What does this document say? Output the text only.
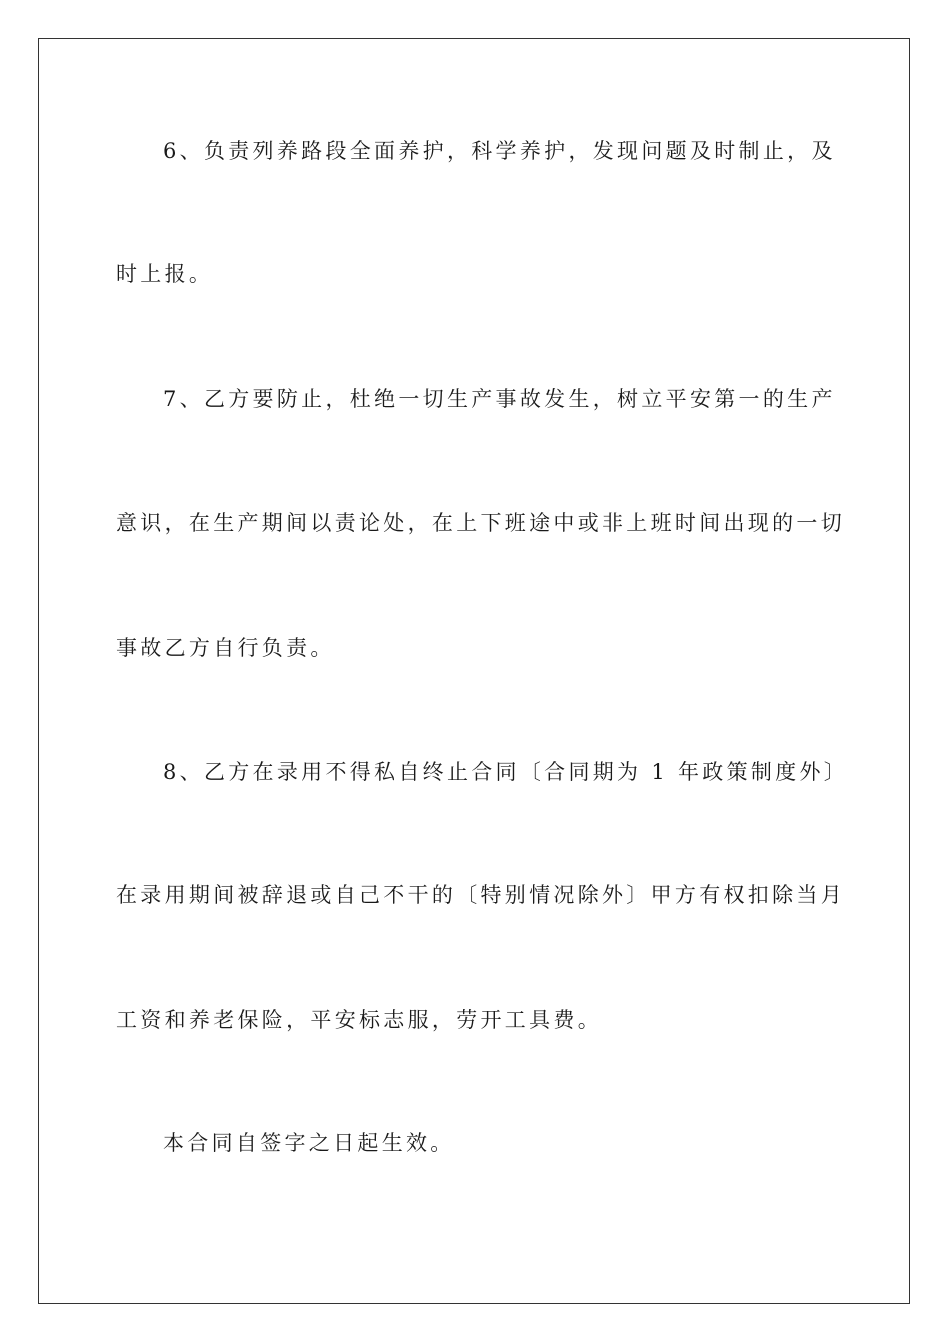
6、负责列养路段全面养护，科学养护，发现问题及时制止，及

时上报。

7、乙方要防止，杜绝一切生产事故发生，树立平安第一的生产

意识，在生产期间以责论处，在上下班途中或非上班时间出现的一切

事故乙方自行负责。

8、乙方在录用不得私自终止合同〔合同期为 1 年政策制度外〕

在录用期间被辞退或自己不干的〔特别情况除外〕甲方有权扣除当月

工资和养老保险，平安标志服，劳开工具费。

本合同自签字之日起生效。
